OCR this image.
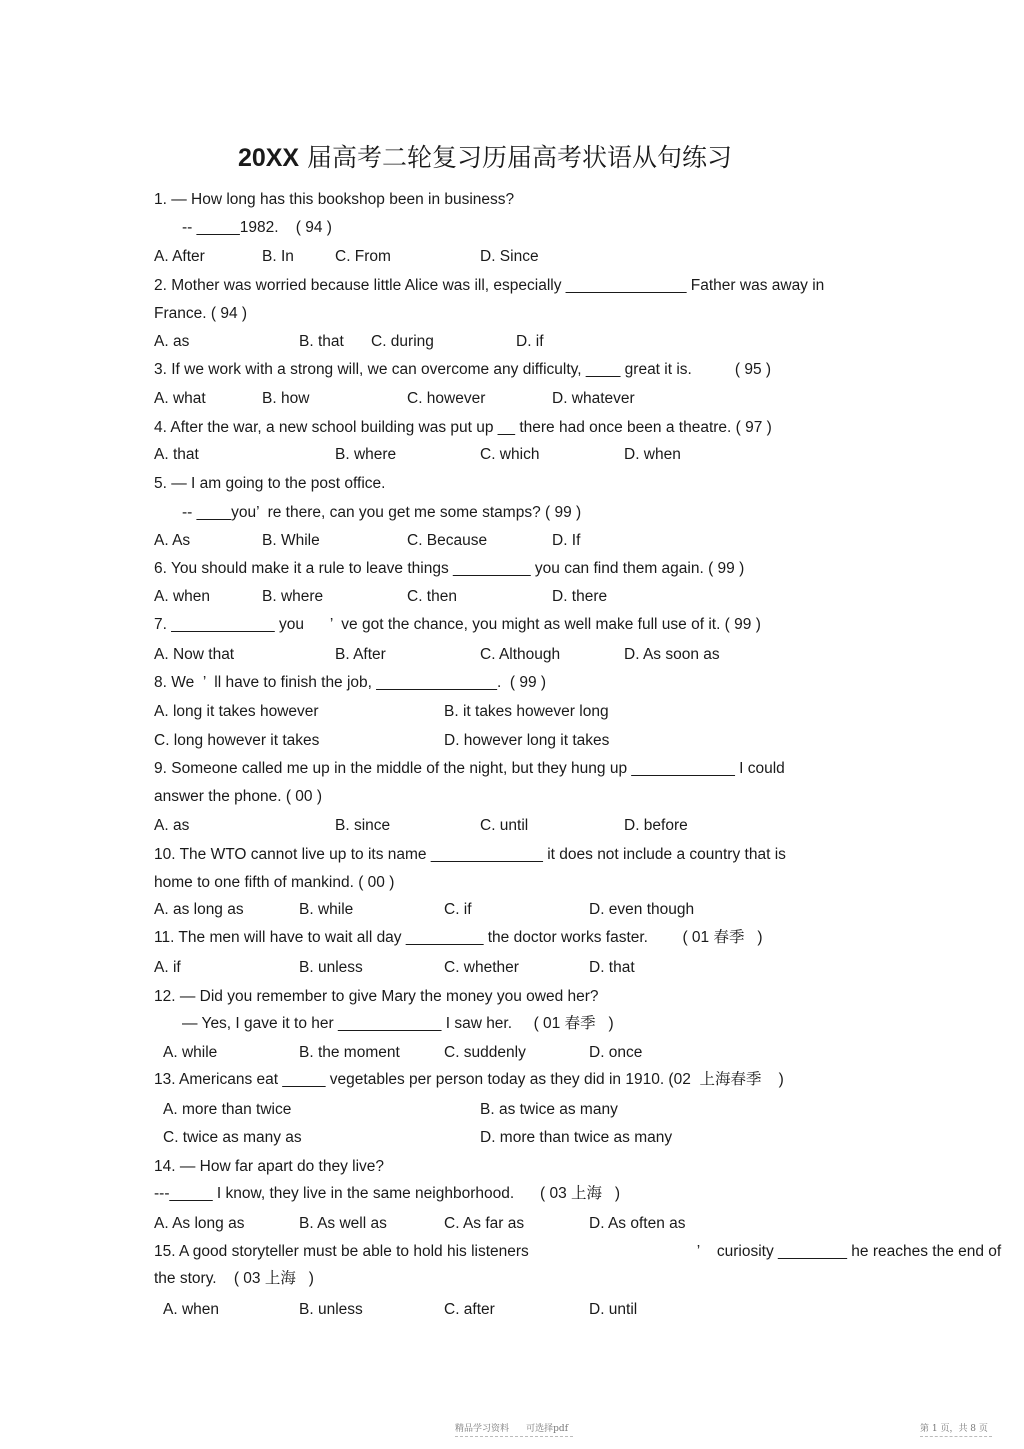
20XX 届高考二轮复习历届高考状语从句练习
1. — How long has this bookshop been in business?
-- _____1982.    ( 94 )
A. After	B. In	C. From	D. Since
2. Mother was worried because little Alice was ill, especially ______________ Father was away in
France. ( 94 )
A. as	B. that C. during	D. if
3. If we work with a strong will, we can overcome any difficulty, ____ great it is.          ( 95 )
A. what	B. how	C. however	D. whatever
4. After the war, a new school building was put up __ there had once been a theatre. ( 97 )
A. that	B. where	C. which	D. when
5. — I am going to the post office.
-- ____you’  re there, can you get me some stamps? ( 99 )
A. As	B. While	C. Because	D. If
6. You should make it a rule to leave things _________ you can find them again. ( 99 )
A. when	B. where	C. then	D. there
7. ____________ you      ’  ve got the chance, you might as well make full use of it. ( 99 )
A. Now that	B. After	C. Although	D. As soon as
8. We  ’  ll have to finish the job, ______________.  ( 99 )
A. long it takes however	B. it takes however long
C. long however it takes	D. however long it takes
9. Someone called me up in the middle of the night, but they hung up ____________ I could
answer the phone. ( 00 )
A. as	B. since	C. until	D. before
10. The WTO cannot live up to its name _____________ it does not include a country that is
home to one fifth of mankind. ( 00 )
A. as long as	B. while	C. if	D. even though
11. The men will have to wait all day _________ the doctor works faster.        ( 01 春季   )
A. if	B. unless	C. whether	D. that
12. — Did you remember to give Mary the money you owed her?
— Yes, I gave it to her ____________ I saw her.     ( 01 春季   )
A. while	B. the moment	C. suddenly	D. once
13. Americans eat _____ vegetables per person today as they did in 1910. (02  上海春季    )
A. more than twice	B. as twice as many
C. twice as many as	D. more than twice as many
14. — How far apart do they live?
---_____ I know, they live in the same neighborhood.      ( 03 上海   )
A. As long as	B. As well as	C. As far as	D. As often as
15. A good storyteller must be able to hold his listeners                                       ’    curiosity ________ he reaches the end of
the story.    ( 03 上海   )
A. when	B. unless	C. after	D. until
精品学习资料      可选择pdf	第 1 页，共 8 页
